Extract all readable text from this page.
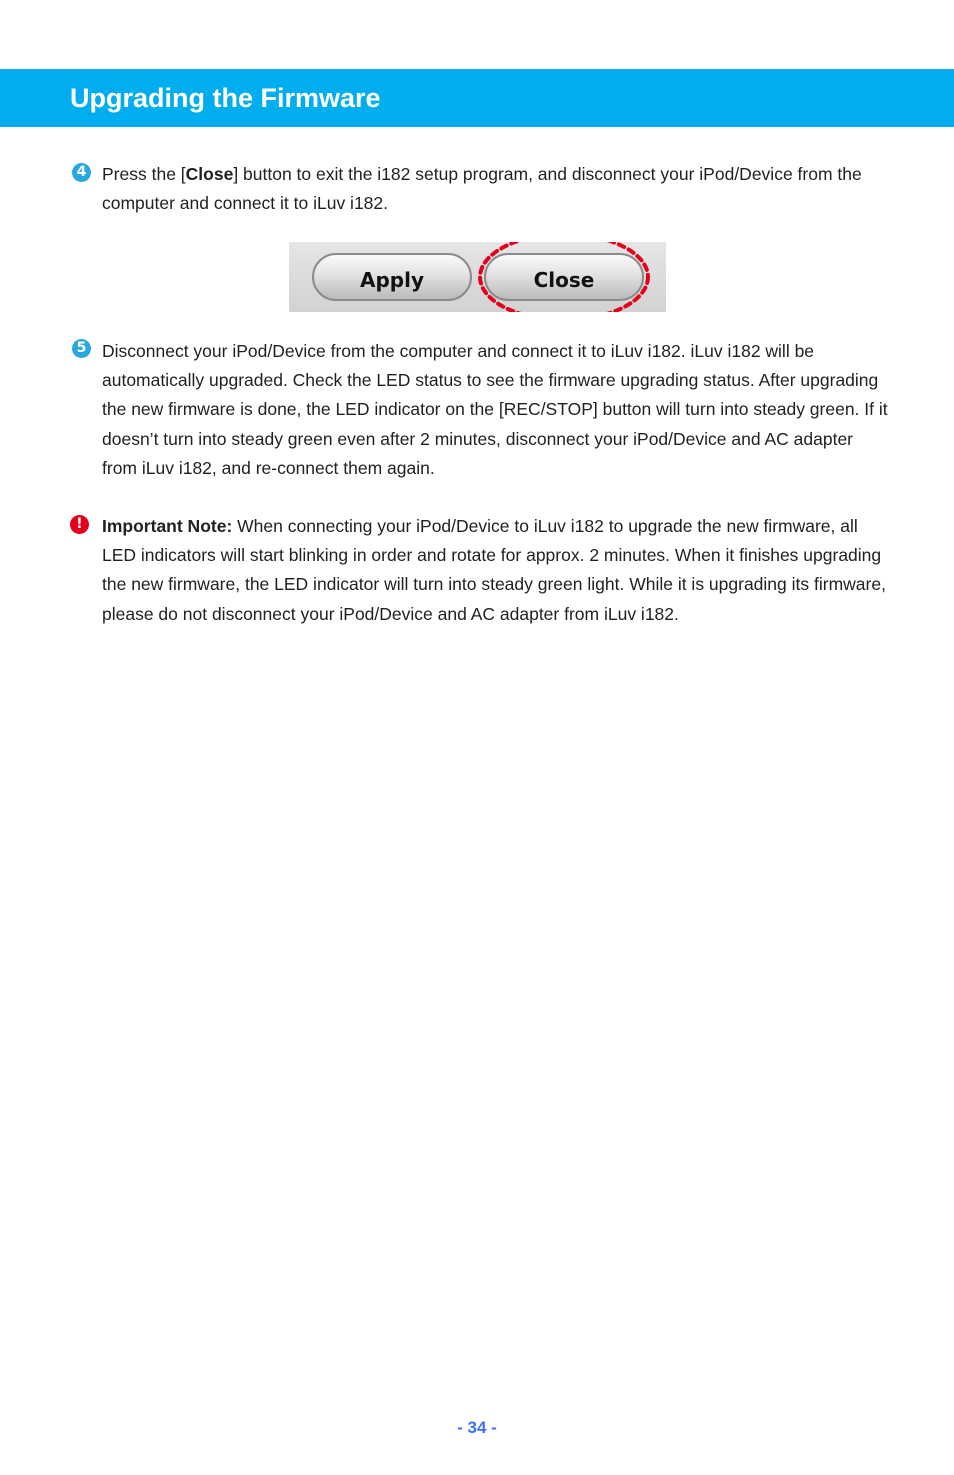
Upgrading the Firmware
4 Press the [Close] button to exit the i182 setup program, and disconnect your iPod/Device from the computer and connect it to iLuv i182.

Apply	Close
5 Disconnect your iPod/Device from the computer and connect it to iLuv i182. iLuv i182 will be automatically upgraded. Check the LED status to see the firmware upgrading status. After upgrading the new firmware is done, the LED indicator on the [REC/STOP] button will turn into steady green. If it doesn’t turn into steady green even after 2 minutes, disconnect your iPod/Device and AC adapter from iLuv i182, and re-connect them again.

!	Important Note: When connecting your iPod/Device to iLuv i182 to upgrade the new firmware, all LED indicators will start blinking in order and rotate for approx. 2 minutes. When it finishes upgrading the new firmware, the LED indicator will turn into steady green light. While it is upgrading its firmware, please do not disconnect your iPod/Device and AC adapter from iLuv i182.

- 34 -
